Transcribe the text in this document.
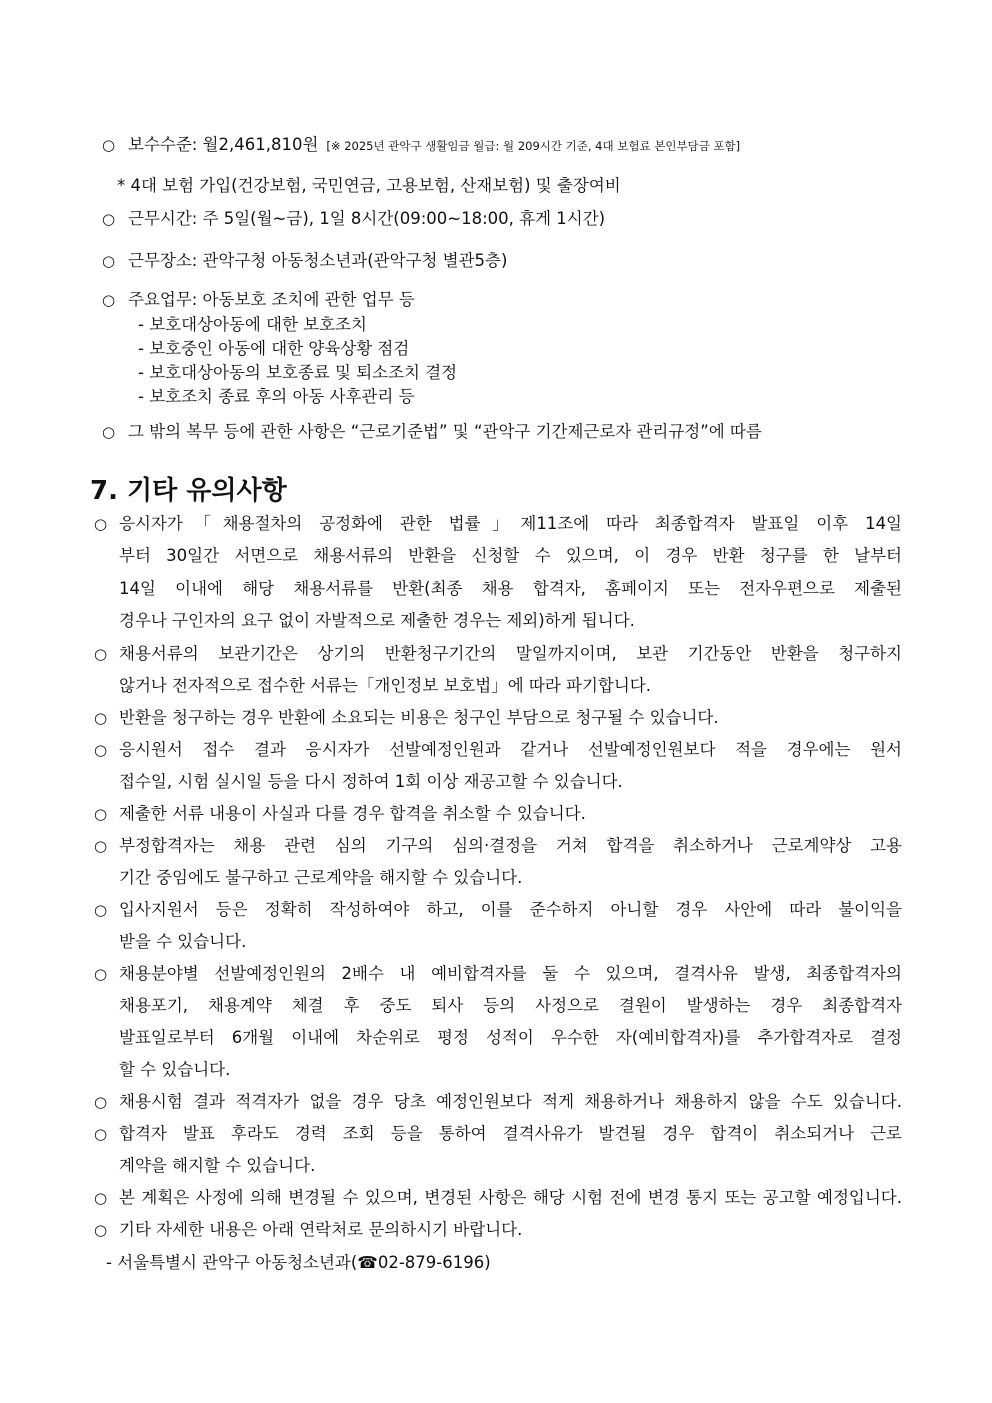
○ 보수수준: 월2,461,810원 [※ 2025년 관악구 생활임금 월급: 월 209시간 기준, 4대 보험료 본인부담금 포함]
* 4대 보험 가입(건강보험, 국민연금, 고용보험, 산재보험) 및 출장여비
○ 근무시간: 주 5일(월~금), 1일 8시간(09:00~18:00, 휴게 1시간)
○ 근무장소: 관악구청 아동청소년과(관악구청 별관5층)
○ 주요업무: 아동보호 조치에 관한 업무 등
- 보호대상아동에 대한 보호조치
- 보호중인 아동에 대한 양육상황 점검
- 보호대상아동의 보호종료 및 퇴소조치 결정
- 보호조치 종료 후의 아동 사후관리 등
○ 그 밖의 복무 등에 관한 사항은 “근로기준법” 및 “관악구 기간제근로자 관리규정”에 따름
7. 기타 유의사항
○ 응시자가「채용절차의 공정화에 관한 법률」제11조에 따라 최종합격자 발표일 이후 14일
부터 30일간 서면으로 채용서류의 반환을 신청할 수 있으며, 이 경우 반환 청구를 한 날부터
14일 이내에 해당 채용서류를 반환(최종 채용 합격자, 홈페이지 또는 전자우편으로 제출된
경우나 구인자의 요구 없이 자발적으로 제출한 경우는 제외)하게 됩니다.
○ 채용서류의 보관기간은 상기의 반환청구기간의 말일까지이며, 보관 기간동안 반환을 청구하지
않거나 전자적으로 접수한 서류는「개인정보 보호법」에 따라 파기합니다.
○ 반환을 청구하는 경우 반환에 소요되는 비용은 청구인 부담으로 청구될 수 있습니다.
○ 응시원서 접수 결과 응시자가 선발예정인원과 같거나 선발예정인원보다 적을 경우에는 원서
접수일, 시험 실시일 등을 다시 정하여 1회 이상 재공고할 수 있습니다.
○ 제출한 서류 내용이 사실과 다를 경우 합격을 취소할 수 있습니다.
○ 부정합격자는 채용 관련 심의 기구의 심의·결정을 거쳐 합격을 취소하거나 근로계약상 고용
기간 중임에도 불구하고 근로계약을 해지할 수 있습니다.
○ 입사지원서 등은 정확히 작성하여야 하고, 이를 준수하지 아니할 경우 사안에 따라 불이익을
받을 수 있습니다.
○ 채용분야별 선발예정인원의 2배수 내 예비합격자를 둘 수 있으며, 결격사유 발생, 최종합격자의
채용포기, 채용계약 체결 후 중도 퇴사 등의 사정으로 결원이 발생하는 경우 최종합격자
발표일로부터 6개월 이내에 차순위로 평정 성적이 우수한 자(예비합격자)를 추가합격자로 결정
할 수 있습니다.
○ 채용시험 결과 적격자가 없을 경우 당초 예정인원보다 적게 채용하거나 채용하지 않을 수도 있습니다.
○ 합격자 발표 후라도 경력 조회 등을 통하여 결격사유가 발견될 경우 합격이 취소되거나 근로
계약을 해지할 수 있습니다.
○ 본 계획은 사정에 의해 변경될 수 있으며, 변경된 사항은 해당 시험 전에 변경 통지 또는 공고할 예정입니다.
○ 기타 자세한 내용은 아래 연락처로 문의하시기 바랍니다.
- 서울특별시 관악구 아동청소년과(☎02-879-6196)
